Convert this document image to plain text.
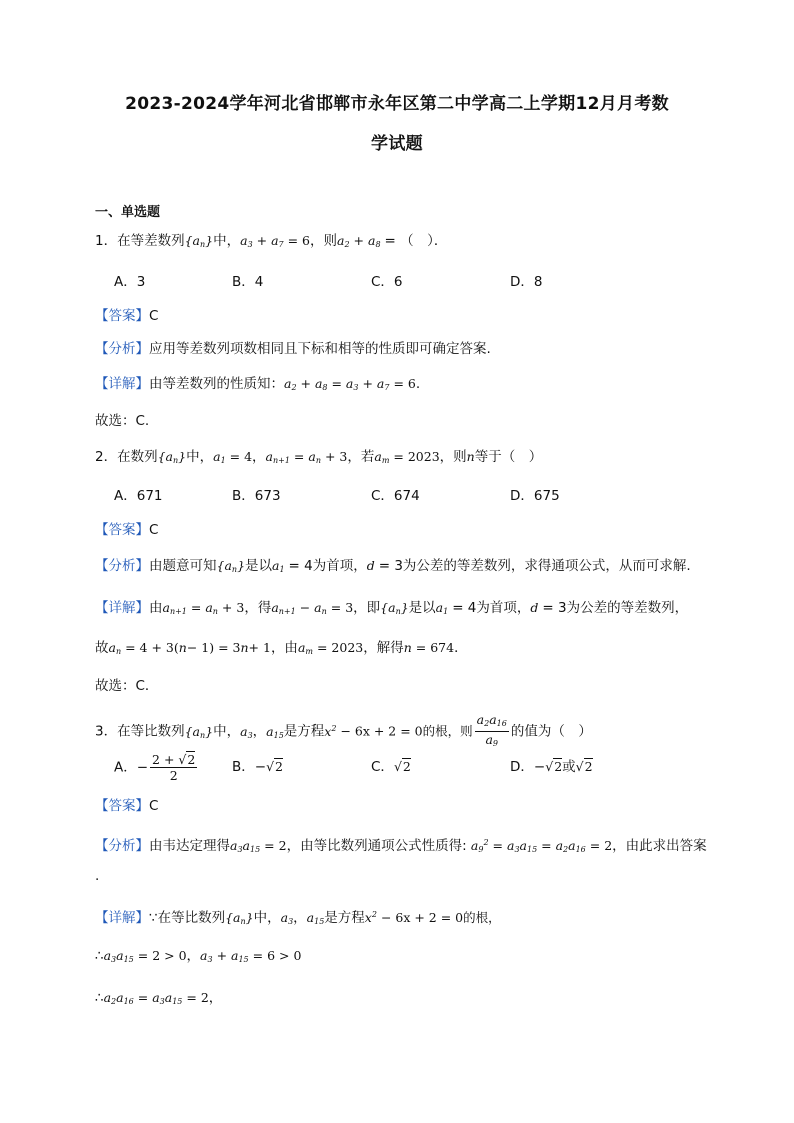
2023-2024学年河北省邯郸市永年区第二中学高二上学期12月月考数
学试题
一、单选题
1．在等差数列$\{a_n\}$中，$a_3 + a_7 = 6$，则$a_2 + a_8$ = （　）．
A．3	B．4	C．6	D．8
【答案】C
【分析】应用等差数列项数相同且下标和相等的性质即可确定答案.
【详解】由等差数列的性质知：$a_2 + a_8 = a_3 + a_7 = 6$.
故选：C.
2．在数列$\{a_n\}$中，$a_1 = 4$，$a_{n+1} = a_n + 3$，若$a_m = 2023$，则n等于（　）
A．671	B．673	C．674	D．675
【答案】C
【分析】由题意可知$\{a_n\}$是以$a_1 = 4$为首项，d = 3为公差的等差数列，求得通项公式，从而可求解.
【详解】由$a_{n+1} = a_n + 3$，得$a_{n+1} - a_n = 3$，即$\{a_n\}$是以$a_1 = 4$为首项，d = 3为公差的等差数列，
故$a_n = 4 + 3(n- 1) = 3n+ 1$，由$a_m = 2023$，解得n = 674．
故选：C．
3．在等比数列$\{a_n\}$中，$a_3$，$a_{15}$是方程$x^2 - 6x + 2 = 0$的根，则 $\frac{a_2a_{16}}{a_9}$ 的值为（　）
A．− $\frac{2 + √2}{2}$	B．−√2	C．√2	D．−√2或√2
【答案】C
【分析】由韦达定理得$a_3a_{15} = 2$，由等比数列通项公式性质得: $a_9^2 = a_3a_{15} = a_2a_{16} = 2$，由此求出答案
.
【详解】∵在等比数列$\{a_n\}$中，$a_3$，$a_{15}$是方程$x^2 - 6x + 2 = 0$的根，
$\therefore a_3a_{15} = 2 > 0$，$a_3 + a_{15} = 6 > 0$
$\therefore a_2a_{16} = a_3a_{15} = 2$，
